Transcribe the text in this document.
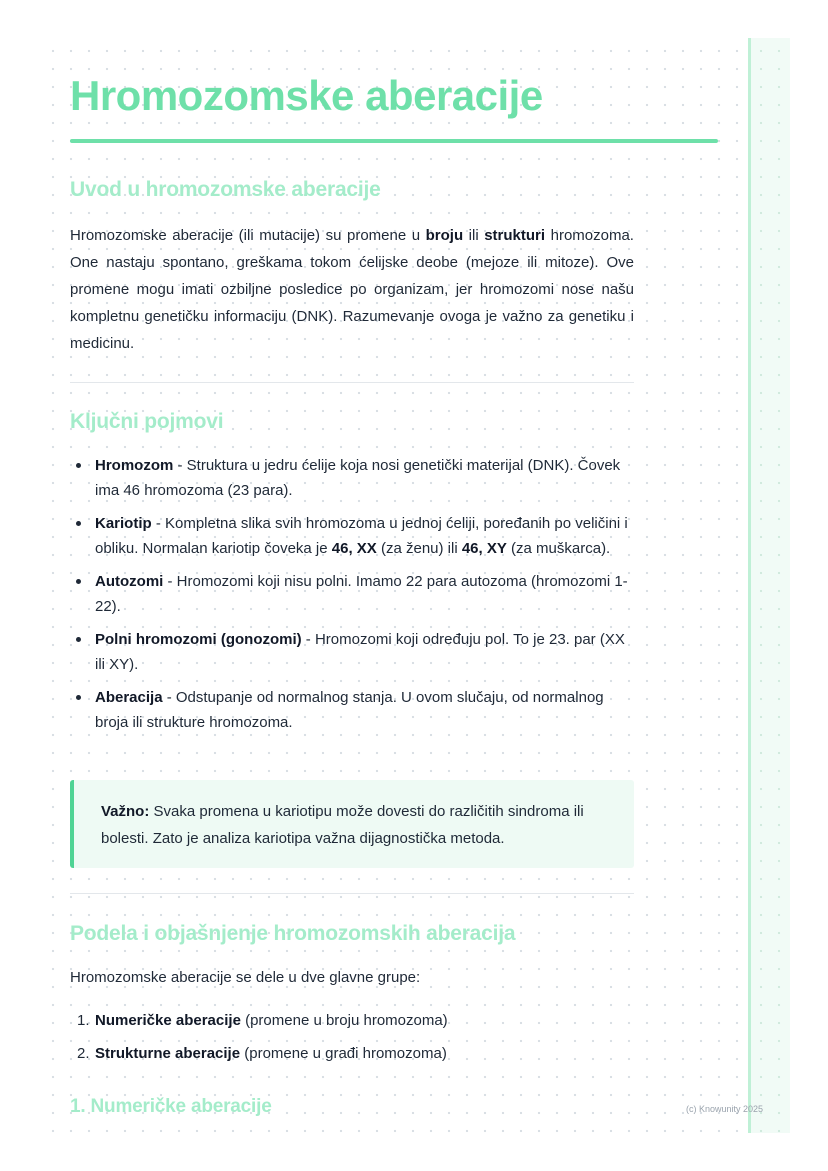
Hromozomske aberacije
Uvod u hromozomske aberacije

Hromozomske aberacije (ili mutacije) su promene u broju ili strukturi hromozoma. One nastaju spontano, greškama tokom ćelijske deobe (mejoze ili mitoze). Ove promene mogu imati ozbiljne posledice po organizam, jer hromozomi nose našu kompletnu genetičku informaciju (DNK). Razumevanje ovoga je važno za genetiku i medicinu.

Ključni pojmovi
Hromozom - Struktura u jedru ćelije koja nosi genetički materijal (DNK). Čovek ima 46 hromozoma (23 para).
Kariotip - Kompletna slika svih hromozoma u jednoj ćeliji, poređanih po veličini i obliku. Normalan kariotip čoveka je 46, XX (za ženu) ili 46, XY (za muškarca).
Autozomi - Hromozomi koji nisu polni. Imamo 22 para autozoma (hromozomi 1-22).
Polni hromozomi (gonozomi) - Hromozomi koji određuju pol. To je 23. par (XX ili XY).
Aberacija - Odstupanje od normalnog stanja. U ovom slučaju, od normalnog broja ili strukture hromozoma.
Važno: Svaka promena u kariotipu može dovesti do različitih sindroma ili bolesti. Zato je analiza kariotipa važna dijagnostička metoda.
Podela i objašnjenje hromozomskih aberacija

Hromozomske aberacije se dele u dve glavne grupe:

1. Numeričke aberacije (promene u broju hromozoma)
2. Strukturne aberacije (promene u građi hromozoma)
1. Numeričke aberacije	(c) Knowunity 2025
